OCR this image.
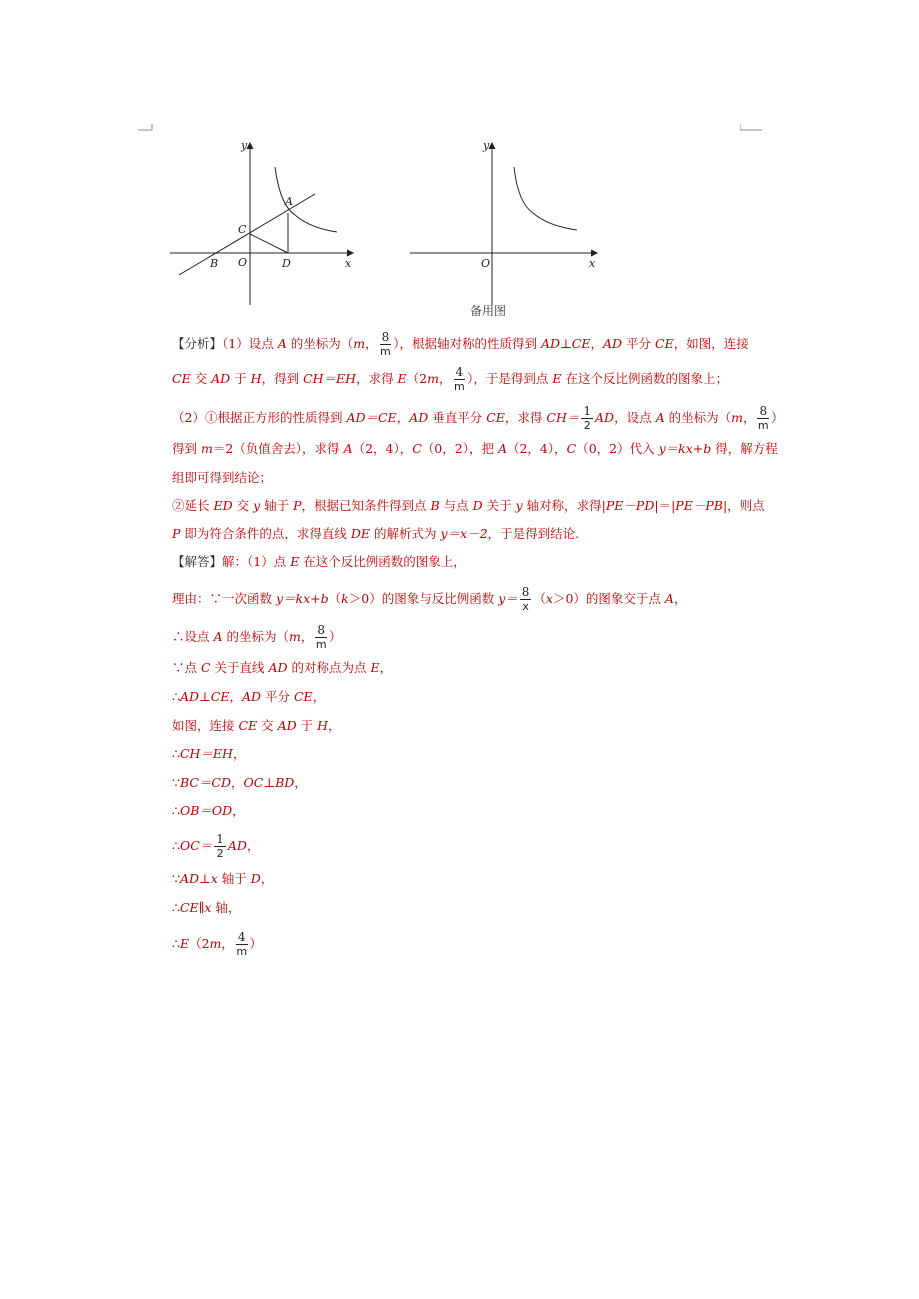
y
x
O
A
B
C
D
y
x
O
备用图
【分析】（1）设点 A 的坐标为（m， $\frac{8}{m}$ ），根据轴对称的性质得到 AD⊥CE，AD 平分 CE，如图，连接
CE 交 AD 于 H，得到 CH＝EH，求得 E（2m， $\frac{4}{m}$ ），于是得到点 E 在这个反比例函数的图象上；
（2）①根据正方形的性质得到 AD＝CE，AD 垂直平分 CE，求得 $CH= \frac{1}{2}$ AD，设点 A 的坐标为（m， $\frac{8}{m}$ ）
得到 m＝2（负值舍去），求得 A（2，4），C（0，2），把 A（2，4），C（0，2）代入 y＝kx+b 得，解方程
组即可得到结论；
②延长 ED 交 y 轴于 P，根据已知条件得到点 B 与点 D 关于 y 轴对称，求得|PE－PD|＝|PE－PB|，则点
P 即为符合条件的点，求得直线 DE 的解析式为 y＝x－2，于是得到结论.
【解答】解：（1）点 E 在这个反比例函数的图象上，
理由：∵一次函数 y＝kx+b（k＞0）的图象与反比例函数 $y= \frac{8}{x} (x>0)$的图象交于点 A，
∴设点 A 的坐标为（m， $\frac{8}{m}$ ）
∵点 C 关于直线 AD 的对称点为点 E，
∴AD⊥CE，AD 平分 CE，
如图，连接 CE 交 AD 于 H，
∴CH＝EH，
∵BC＝CD，OC⊥BD，
∴OB＝OD，
∴OC＝ $\frac{1}{2}$ AD，
∵AD⊥x 轴于 D，
∴CE∥x 轴，
∴E（2m， $\frac{4}{m}$ ）
